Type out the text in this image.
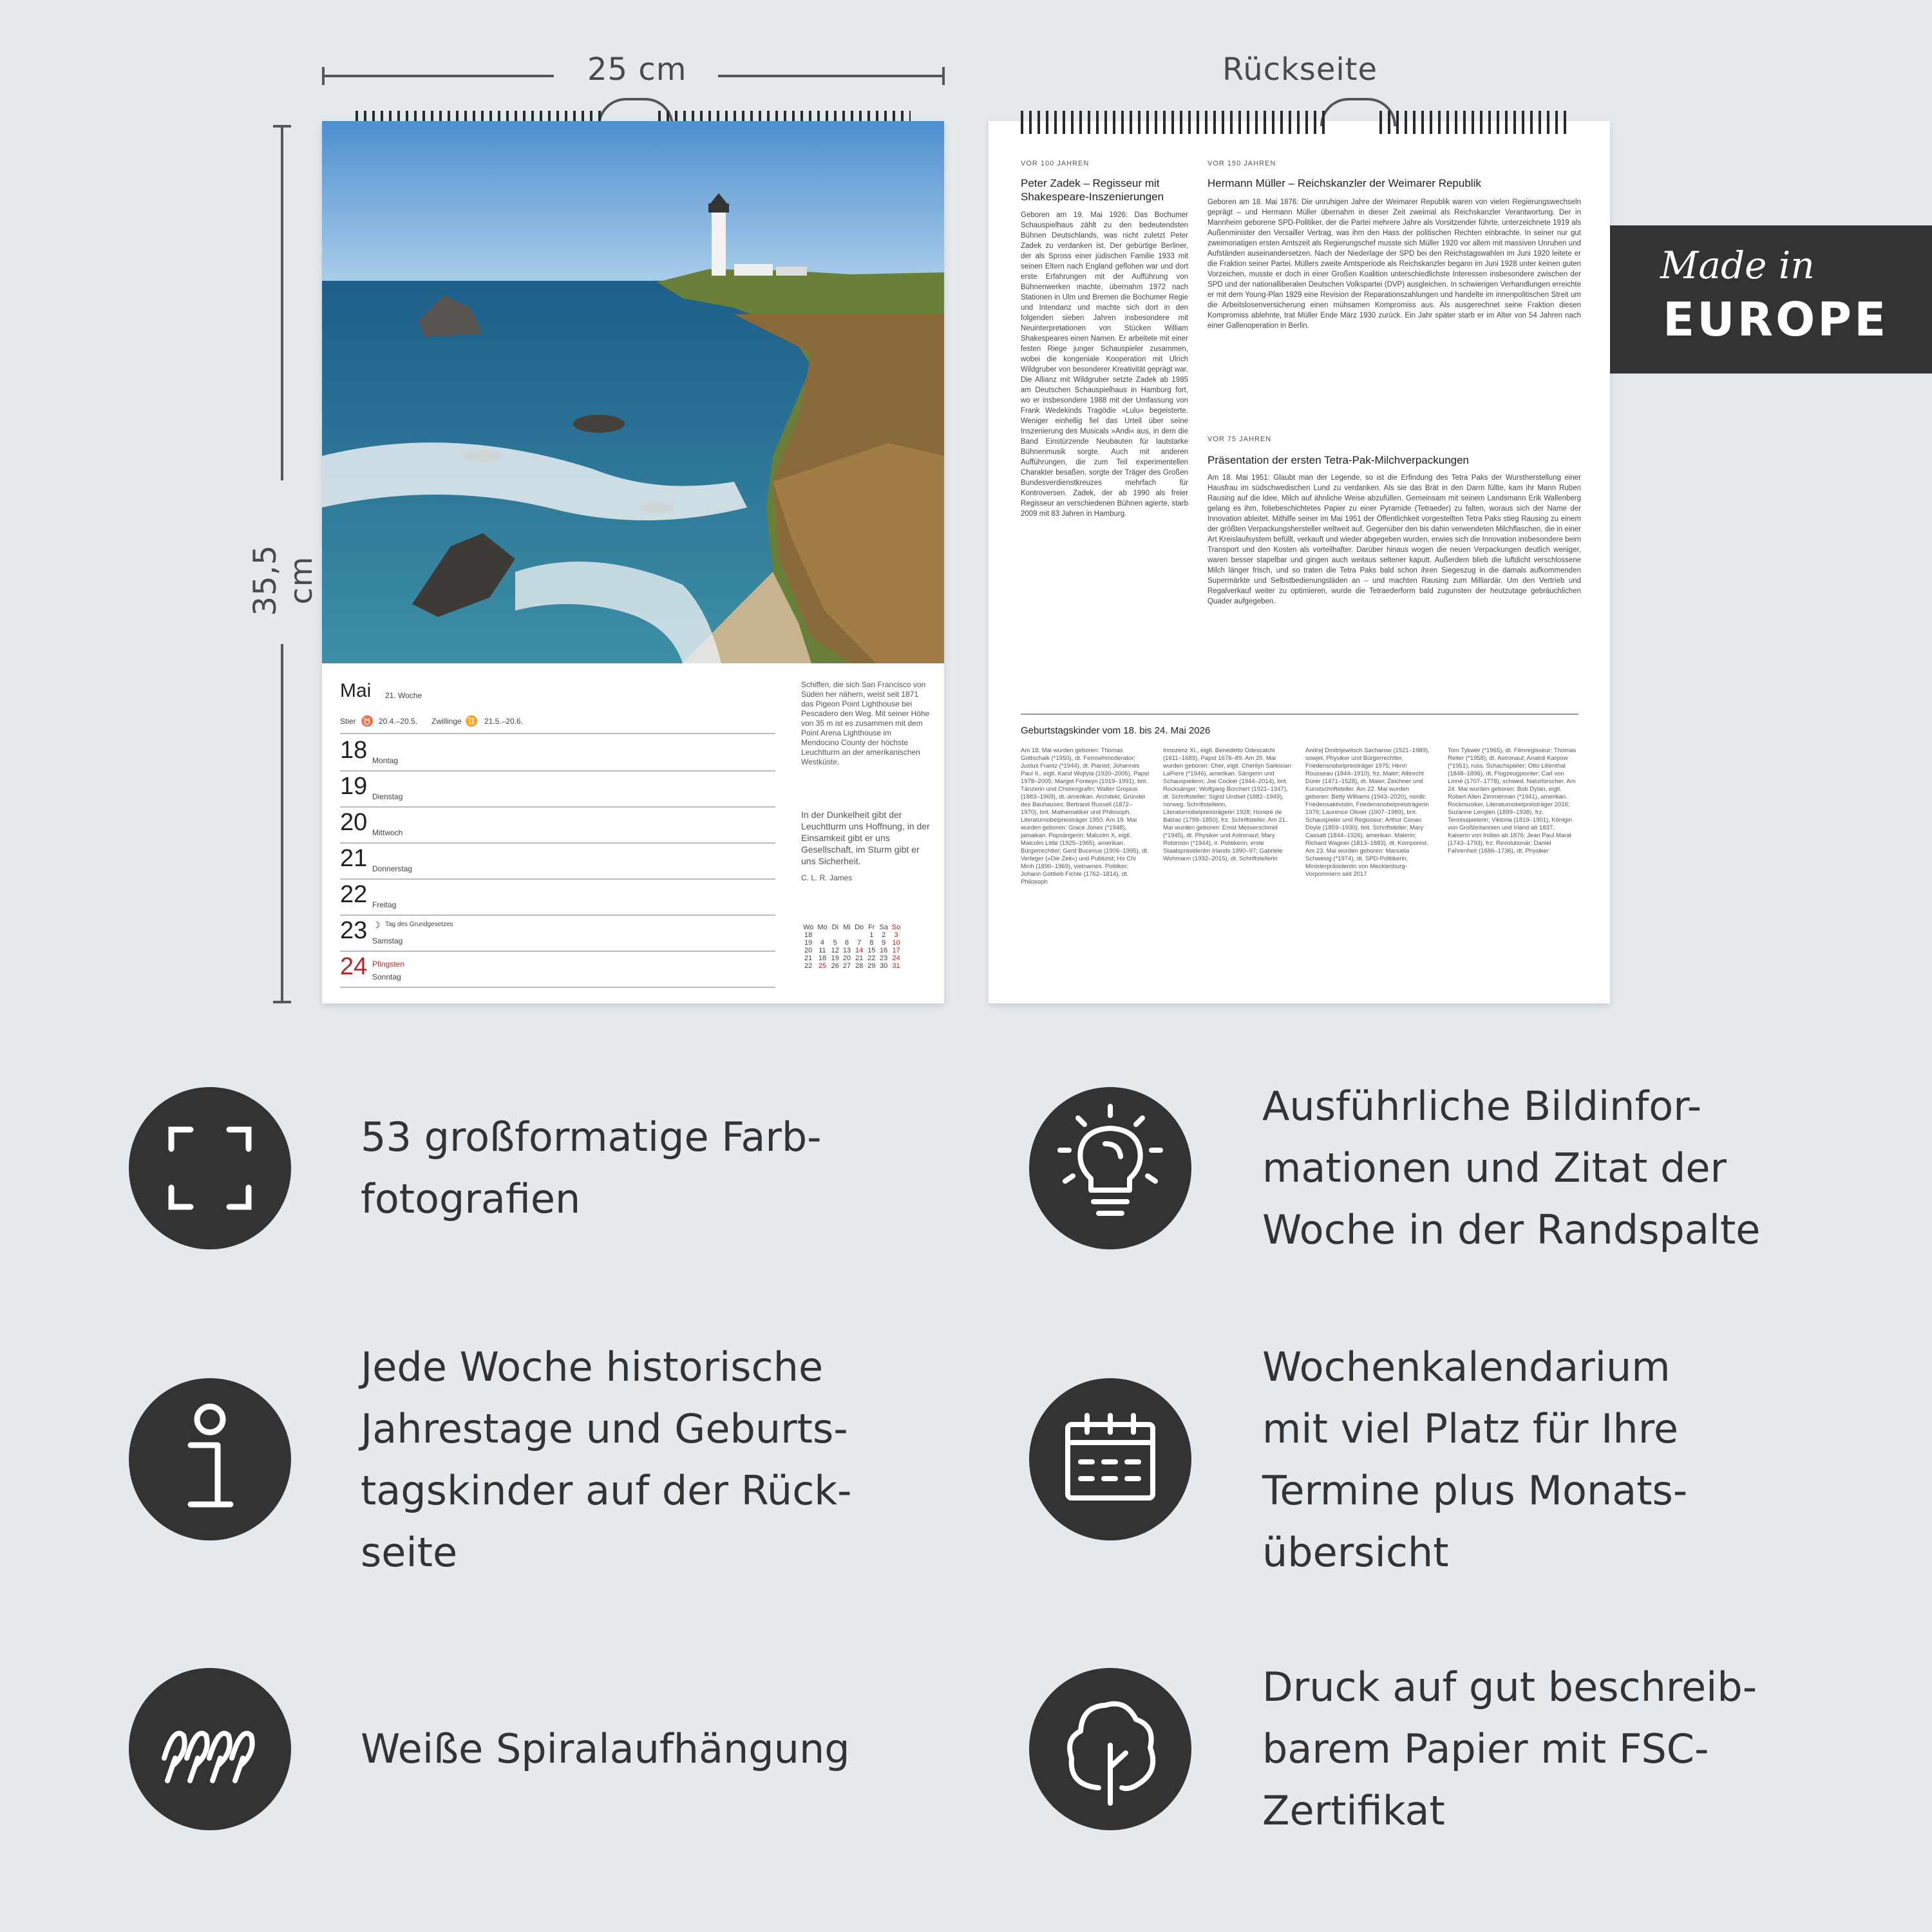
25 cm
35,5 cm
Rückseite
Mai 21. Woche
Stier ♉ 20.4.–20.5. Zwillinge ♊ 21.5.–20.6.
18 Montag
19 Dienstag
20 Mittwoch
21 Donnerstag
22 Freitag
23 ☽ Tag des Grundgesetzes
Samstag
24 Pfingsten
Sonntag
Schiffen, die sich San Francisco von Süden her nähern, weist seit 1871 das Pigeon Point Lighthouse bei Pescadero den Weg. Mit seiner Höhe von 35 m ist es zusammen mit dem Point Arena Lighthouse im Mendocino County der höchste Leuchtturm an der amerikanischen Westküste.
In der Dunkelheit gibt der Leuchtturm uns Hoffnung, in der Einsamkeit gibt er uns Gesellschaft, im Sturm gibt er uns Sicherheit.
C. L. R. James
Wo	Mo	Di	Mi	Do	Fr	Sa	So
18					1	2	3
19	4	5	6	7	8	9	10
20	11	12	13	14	15	16	17
21	18	19	20	21	22	23	24
22	25	26	27	28	29	30	31
VOR 100 JAHREN
Peter Zadek – Regisseur mit Shakespeare-Inszenierungen
Geboren am 19. Mai 1926: Das Bochumer Schauspielhaus zählt zu den bedeutendsten Bühnen Deutschlands, was nicht zuletzt Peter Zadek zu verdanken ist. Der gebürtige Berliner, der als Spross einer jüdischen Familie 1933 mit seinen Eltern nach England geflohen war und dort erste Erfahrungen mit der Aufführung von Bühnenwerken machte, übernahm 1972 nach Stationen in Ulm und Bremen die Bochumer Regie und Intendanz und machte sich dort in den folgenden sieben Jahren insbesondere mit Neuinterpretationen von Stücken William Shakespeares einen Namen. Er arbeitete mit einer festen Riege junger Schauspieler zusammen, wobei die kongeniale Kooperation mit Ulrich Wildgruber von besonderer Kreativität geprägt war. Die Allianz mit Wildgruber setzte Zadek ab 1985 am Deutschen Schauspielhaus in Hamburg fort, wo er insbesondere 1988 mit der Umfassung von Frank Wedekinds Tragödie »Lulu« begeisterte. Weniger einhellig fiel das Urteil über seine Inszenierung des Musicals »Andi« aus, in dem die Band Einstürzende Neubauten für lautstarke Bühnenmusik sorgte. Auch mit anderen Aufführungen, die zum Teil experimentellen Charakter besaßen, sorgte der Träger des Großen Bundesverdienstkreuzes mehrfach für Kontroversen. Zadek, der ab 1990 als freier Regisseur an verschiedenen Bühnen agierte, starb 2009 mit 83 Jahren in Hamburg.
VOR 150 JAHREN
Hermann Müller – Reichskanzler der Weimarer Republik
Geboren am 18. Mai 1876: Die unruhigen Jahre der Weimarer Republik waren von vielen Regierungswechseln geprägt – und Hermann Müller übernahm in dieser Zeit zweimal als Reichskanzler Verantwortung. Der in Mannheim geborene SPD-Politiker, der die Partei mehrere Jahre als Vorsitzender führte, unterzeichnete 1919 als Außenminister den Versailler Vertrag, was ihm den Hass der politischen Rechten einbrachte. In seiner nur gut zweimonatigen ersten Amtszeit als Regierungschef musste sich Müller 1920 vor allem mit massiven Unruhen und Aufständen auseinandersetzen. Nach der Niederlage der SPD bei den Reichstagswahlen im Juni 1920 leitete er die Fraktion seiner Partei. Müllers zweite Amtsperiode als Reichskanzler begann im Juni 1928 unter keinen guten Vorzeichen, musste er doch in einer Großen Koalition unterschiedlichste Interessen insbesondere zwischen der SPD und der nationalliberalen Deutschen Volkspartei (DVP) ausgleichen. In schwierigen Verhandlungen erreichte er mit dem Young-Plan 1929 eine Revision der Reparationszahlungen und handelte im innenpolitischen Streit um die Arbeitslosenversicherung einen mühsamen Kompromiss aus. Als ausgerechnet seine Fraktion diesen Kompromiss ablehnte, trat Müller Ende März 1930 zurück. Ein Jahr später starb er im Alter von 54 Jahren nach einer Gallenoperation in Berlin.
VOR 75 JAHREN
Präsentation der ersten Tetra-Pak-Milchverpackungen
Am 18. Mai 1951: Glaubt man der Legende, so ist die Erfindung des Tetra Paks der Wurstherstellung einer Hausfrau im südschwedischen Lund zu verdanken. Als sie das Brät in den Darm füllte, kam ihr Mann Ruben Rausing auf die Idee, Milch auf ähnliche Weise abzufüllen. Gemeinsam mit seinem Landsmann Erik Wallenberg gelang es ihm, foliebeschichtetes Papier zu einer Pyramide (Tetraeder) zu falten, woraus sich der Name der Innovation ableitet. Mithilfe seiner im Mai 1951 der Öffentlichkeit vorgestellten Tetra Paks stieg Rausing zu einem der größten Verpackungshersteller weltweit auf. Gegenüber den bis dahin verwendeten Milchflaschen, die in einer Art Kreislaufsystem befüllt, verkauft und wieder abgegeben wurden, erwies sich die Innovation insbesondere beim Transport und den Kosten als vorteilhafter. Darüber hinaus wogen die neuen Verpackungen deutlich weniger, waren besser stapelbar und gingen auch weitaus seltener kaputt. Außerdem blieb die luftdicht verschlossene Milch länger frisch, und so traten die Tetra Paks bald schon ihren Siegeszug in die damals aufkommenden Supermärkte und Selbstbedienungsläden an – und machten Rausing zum Milliardär. Um den Vertrieb und Regalverkauf weiter zu optimieren, wurde die Tetraederform bald zugunsten der heutzutage gebräuchlichen Quader aufgegeben.
Geburtstagskinder vom 18. bis 24. Mai 2026
Am 18. Mai wurden geboren: Thomas Gottschalk (*1950), dt. Fernsehmoderator; Justus Frantz (*1944), dt. Pianist; Johannes Paul II., eigtl. Karol Wojtyla (1920–2005), Papst 1978–2005; Margot Fonteyn (1919–1991), brit. Tänzerin und Choreografin; Walter Gropius (1883–1969), dt.-amerikan. Architekt, Gründer des Bauhauses; Bertrand Russell (1872–1970), brit. Mathematiker und Philosoph, Literaturnobelpreisträger 1950. Am 19. Mai wurden geboren: Grace Jones (*1948), jamaikan. Popsängerin; Malcolm X, eigtl. Malcolm Little (1925–1965), amerikan. Bürgerrechtler; Gerd Bucerius (1906–1995), dt. Verleger (»Die Zeit«) und Publizist; Ho Chi Minh (1890–1969), vietnames. Politiker; Johann Gottlieb Fichte (1762–1814), dt. Philosoph
Innozenz XI., eigtl. Benedetto Odescalchi (1611–1689), Papst 1676–89. Am 20. Mai wurden geboren: Cher, eigtl. Cherilyn Sarkisian LaPiere (*1946), amerikan. Sängerin und Schauspielerin; Joe Cocker (1944–2014), brit. Rocksänger; Wolfgang Borchert (1921–1947), dt. Schriftsteller; Sigrid Undset (1882–1949), norweg. Schriftstellerin, Literaturnobelpreisträgerin 1928; Honoré de Balzac (1799–1850), frz. Schriftsteller. Am 21. Mai wurden geboren: Ernst Messerschmid (*1945), dt. Physiker und Astronaut; Mary Robinson (*1944), ir. Politikerin, erste Staatspräsidentin Irlands 1990–97; Gabriele Wohmann (1932–2015), dt. Schriftstellerin
Andrej Dmitrijewitsch Sacharow (1921–1989), sowjet. Physiker und Bürgerrechtler, Friedensnobelpreisträger 1975; Henri Rousseau (1844–1910), frz. Maler; Albrecht Dürer (1471–1528), dt. Maler, Zeichner und Kunstschriftsteller. Am 22. Mai wurden geboren: Betty Williams (1943–2020), nordir. Friedensaktivistin, Friedensnobelpreisträgerin 1976; Laurence Olivier (1907–1989), brit. Schauspieler und Regisseur; Arthur Conan Doyle (1859–1930), brit. Schriftsteller; Mary Cassatt (1844–1926), amerikan. Malerin; Richard Wagner (1813–1883), dt. Komponist. Am 23. Mai wurden geboren: Manuela Schwesig (*1974), dt. SPD-Politikerin, Ministerpräsidentin von Mecklenburg-Vorpommern seit 2017
Tom Tykwer (*1965), dt. Filmregisseur; Thomas Reiter (*1958), dt. Astronaut; Anatoli Karpow (*1951), russ. Schachspieler; Otto Lilienthal (1848–1896), dt. Flugzeugpionier; Carl von Linné (1707–1778), schwed. Naturforscher. Am 24. Mai wurden geboren: Bob Dylan, eigtl. Robert Allen Zimmerman (*1941), amerikan. Rockmusiker, Literaturnobelpreisträger 2016; Suzanne Lenglen (1899–1938), frz. Tennisspielerin; Viktoria (1819–1901), Königin von Großbritannien und Irland ab 1837, Kaiserin von Indien ab 1876; Jean Paul Marat (1743–1793), frz. Revolutionär; Daniel Fahrenheit (1686–1736), dt. Physiker
Made in
EUROPE
53 großformatige Farb-
fotografien
Jede Woche historische
Jahrestage und Geburts-
tagskinder auf der Rück-
seite
Weiße Spiralaufhängung
Ausführliche Bildinfor-
mationen und Zitat der
Woche in der Randspalte
Wochenkalendarium
mit viel Platz für Ihre
Termine plus Monats-
übersicht
Druck auf gut beschreib-
barem Papier mit FSC-
Zertifikat
